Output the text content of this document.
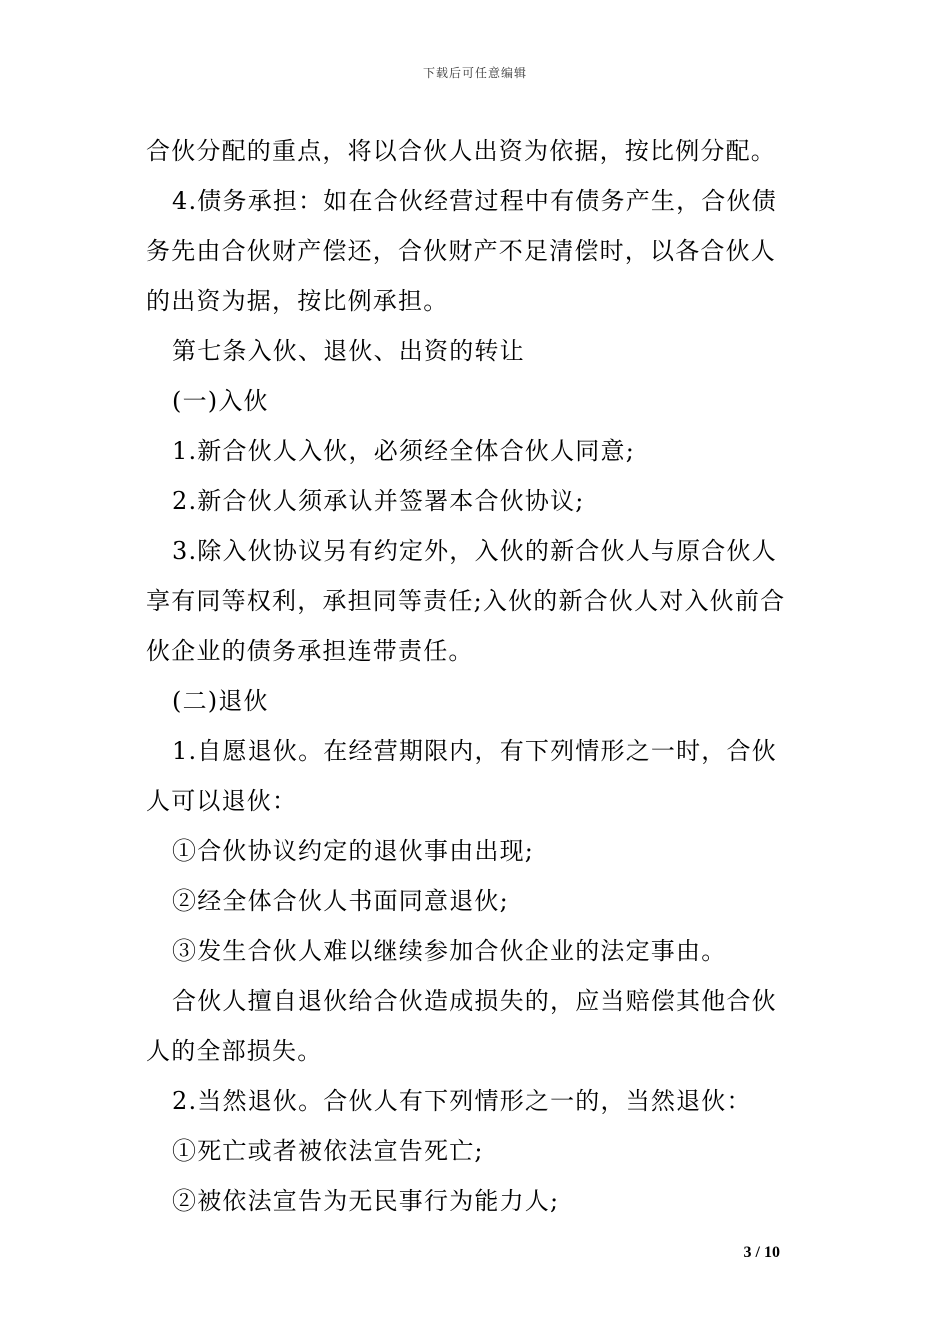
下载后可任意编辑
合伙分配的重点，将以合伙人出资为依据，按比例分配。
4.债务承担：如在合伙经营过程中有债务产生，合伙债
务先由合伙财产偿还，合伙财产不足清偿时，以各合伙人
的出资为据，按比例承担。
第七条入伙、退伙、出资的转让
(一)入伙
1.新合伙人入伙，必须经全体合伙人同意;
2.新合伙人须承认并签署本合伙协议;
3.除入伙协议另有约定外，入伙的新合伙人与原合伙人
享有同等权利，承担同等责任;入伙的新合伙人对入伙前合
伙企业的债务承担连带责任。
(二)退伙
1.自愿退伙。在经营期限内，有下列情形之一时，合伙
人可以退伙：
①合伙协议约定的退伙事由出现;
②经全体合伙人书面同意退伙;
③发生合伙人难以继续参加合伙企业的法定事由。
合伙人擅自退伙给合伙造成损失的，应当赔偿其他合伙
人的全部损失。
2.当然退伙。合伙人有下列情形之一的，当然退伙：
①死亡或者被依法宣告死亡;
②被依法宣告为无民事行为能力人;
3 / 10
